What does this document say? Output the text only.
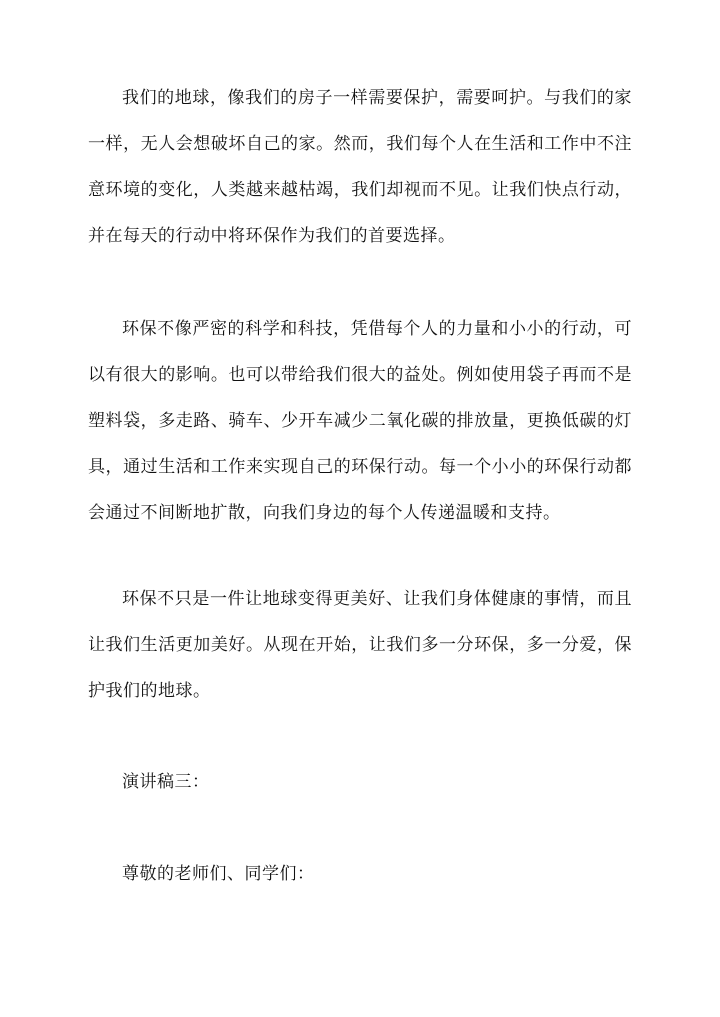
我们的地球，像我们的房子一样需要保护，需要呵护。与我们的家一样，无人会想破坏自己的家。然而，我们每个人在生活和工作中不注意环境的变化，人类越来越枯竭，我们却视而不见。让我们快点行动，并在每天的行动中将环保作为我们的首要选择。

环保不像严密的科学和科技，凭借每个人的力量和小小的行动，可以有很大的影响。也可以带给我们很大的益处。例如使用袋子再而不是塑料袋，多走路、骑车、少开车减少二氧化碳的排放量，更换低碳的灯具，通过生活和工作来实现自己的环保行动。每一个小小的环保行动都会通过不间断地扩散，向我们身边的每个人传递温暖和支持。

环保不只是一件让地球变得更美好、让我们身体健康的事情，而且让我们生活更加美好。从现在开始，让我们多一分环保，多一分爱，保护我们的地球。

演讲稿三：

尊敬的老师们、同学们：
